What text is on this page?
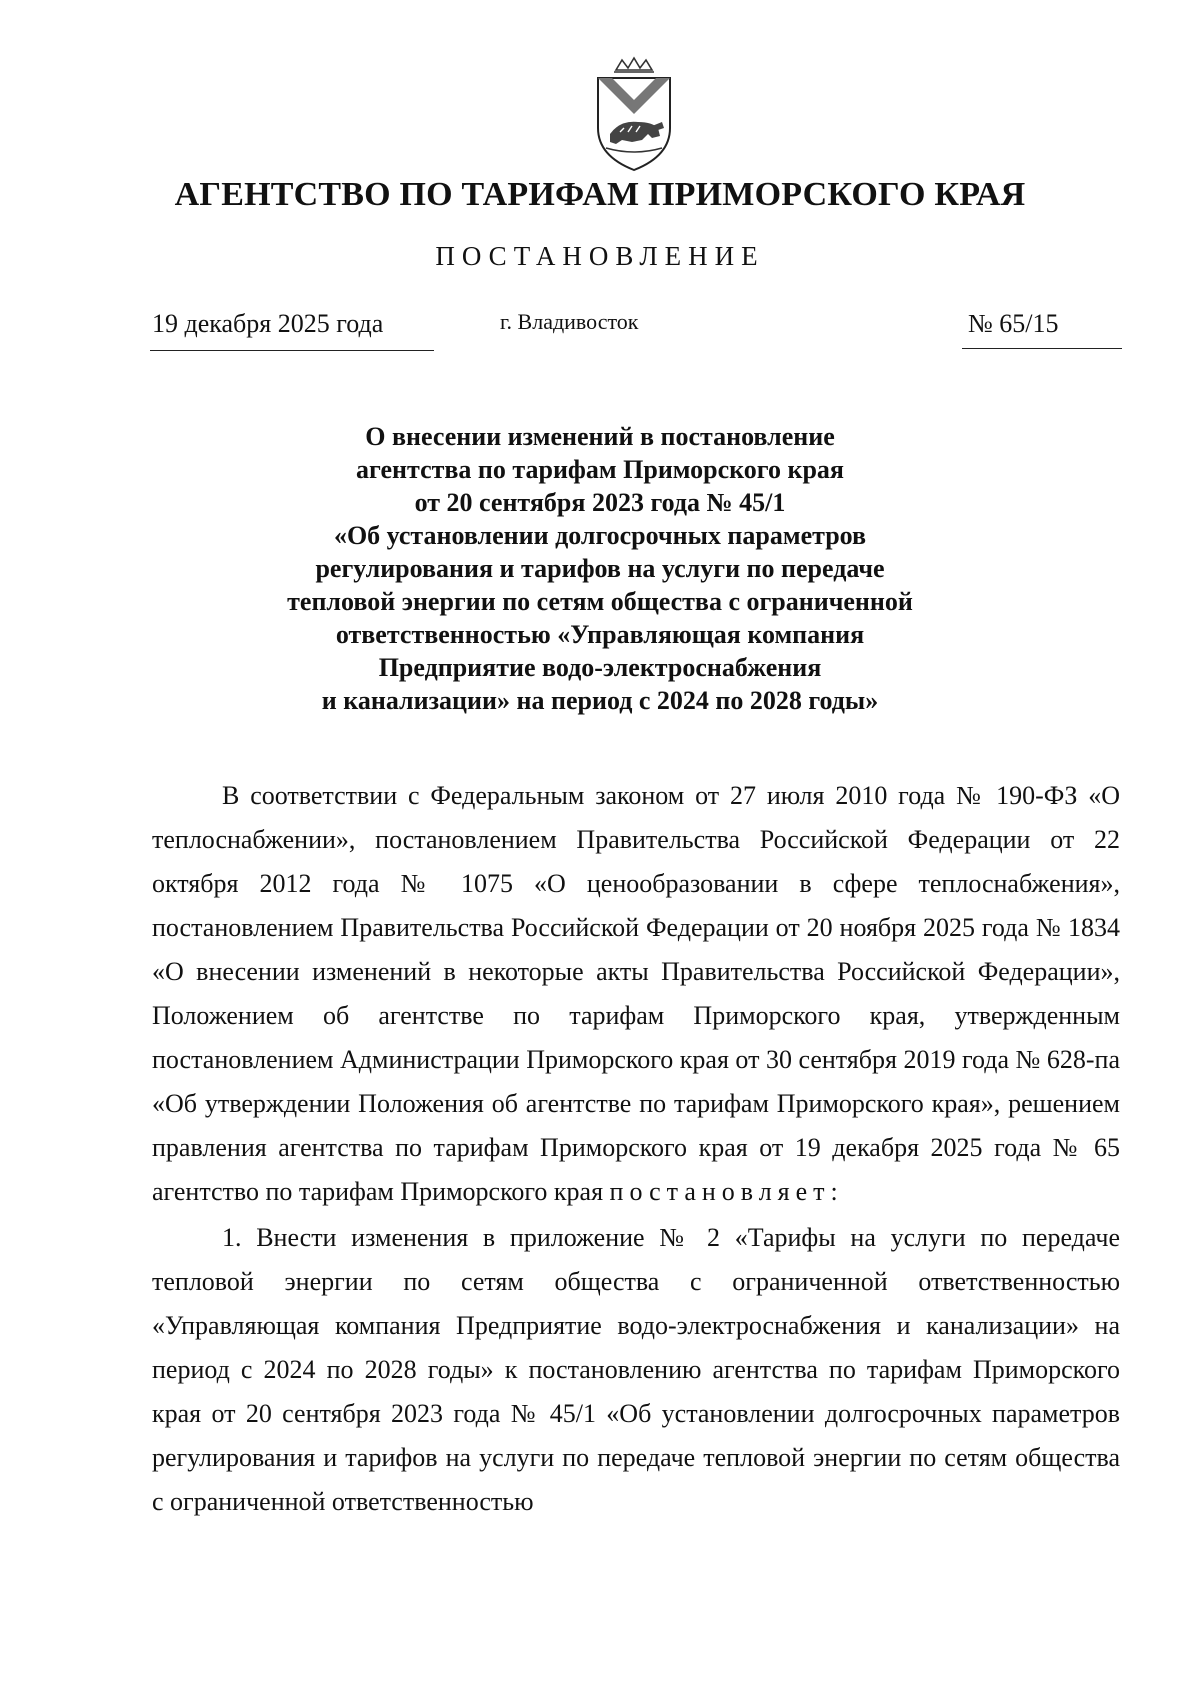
АГЕНТСТВО ПО ТАРИФАМ ПРИМОРСКОГО КРАЯ
ПОСТАНОВЛЕНИЕ
19 декабря 2025 года	г. Владивосток	№ 65/15
О внесении изменений в постановление
агентства по тарифам Приморского края
от 20 сентября 2023 года № 45/1
«Об установлении долгосрочных параметров
регулирования и тарифов на услуги по передаче
тепловой энергии по сетям общества с ограниченной
ответственностью «Управляющая компания
Предприятие водо-электроснабжения
и канализации» на период с 2024 по 2028 годы»

В соответствии с Федеральным законом от 27 июля 2010 года № 190-ФЗ «О теплоснабжении», постановлением Правительства Российской Федерации от 22 октября 2012 года № 1075 «О ценообразовании в сфере теплоснабжения», постановлением Правительства Российской Федерации от 20 ноября 2025 года № 1834 «О внесении изменений в некоторые акты Правительства Российской Федерации», Положением об агентстве по тарифам Приморского края, утвержденным постановлением Администрации Приморского края от 30 сентября 2019 года № 628-па «Об утверждении Положения об агентстве по тарифам Приморского края», решением правления агентства по тарифам Приморского края от 19 декабря 2025 года № 65 агентство по тарифам Приморского края постановляет:

1. Внести изменения в приложение № 2 «Тарифы на услуги по передаче тепловой энергии по сетям общества с ограниченной ответственностью «Управляющая компания Предприятие водо-электроснабжения и канализации» на период с 2024 по 2028 годы» к постановлению агентства по тарифам Приморского края от 20 сентября 2023 года № 45/1 «Об установлении долгосрочных параметров регулирования и тарифов на услуги по передаче тепловой энергии по сетям общества с ограниченной ответственностью
